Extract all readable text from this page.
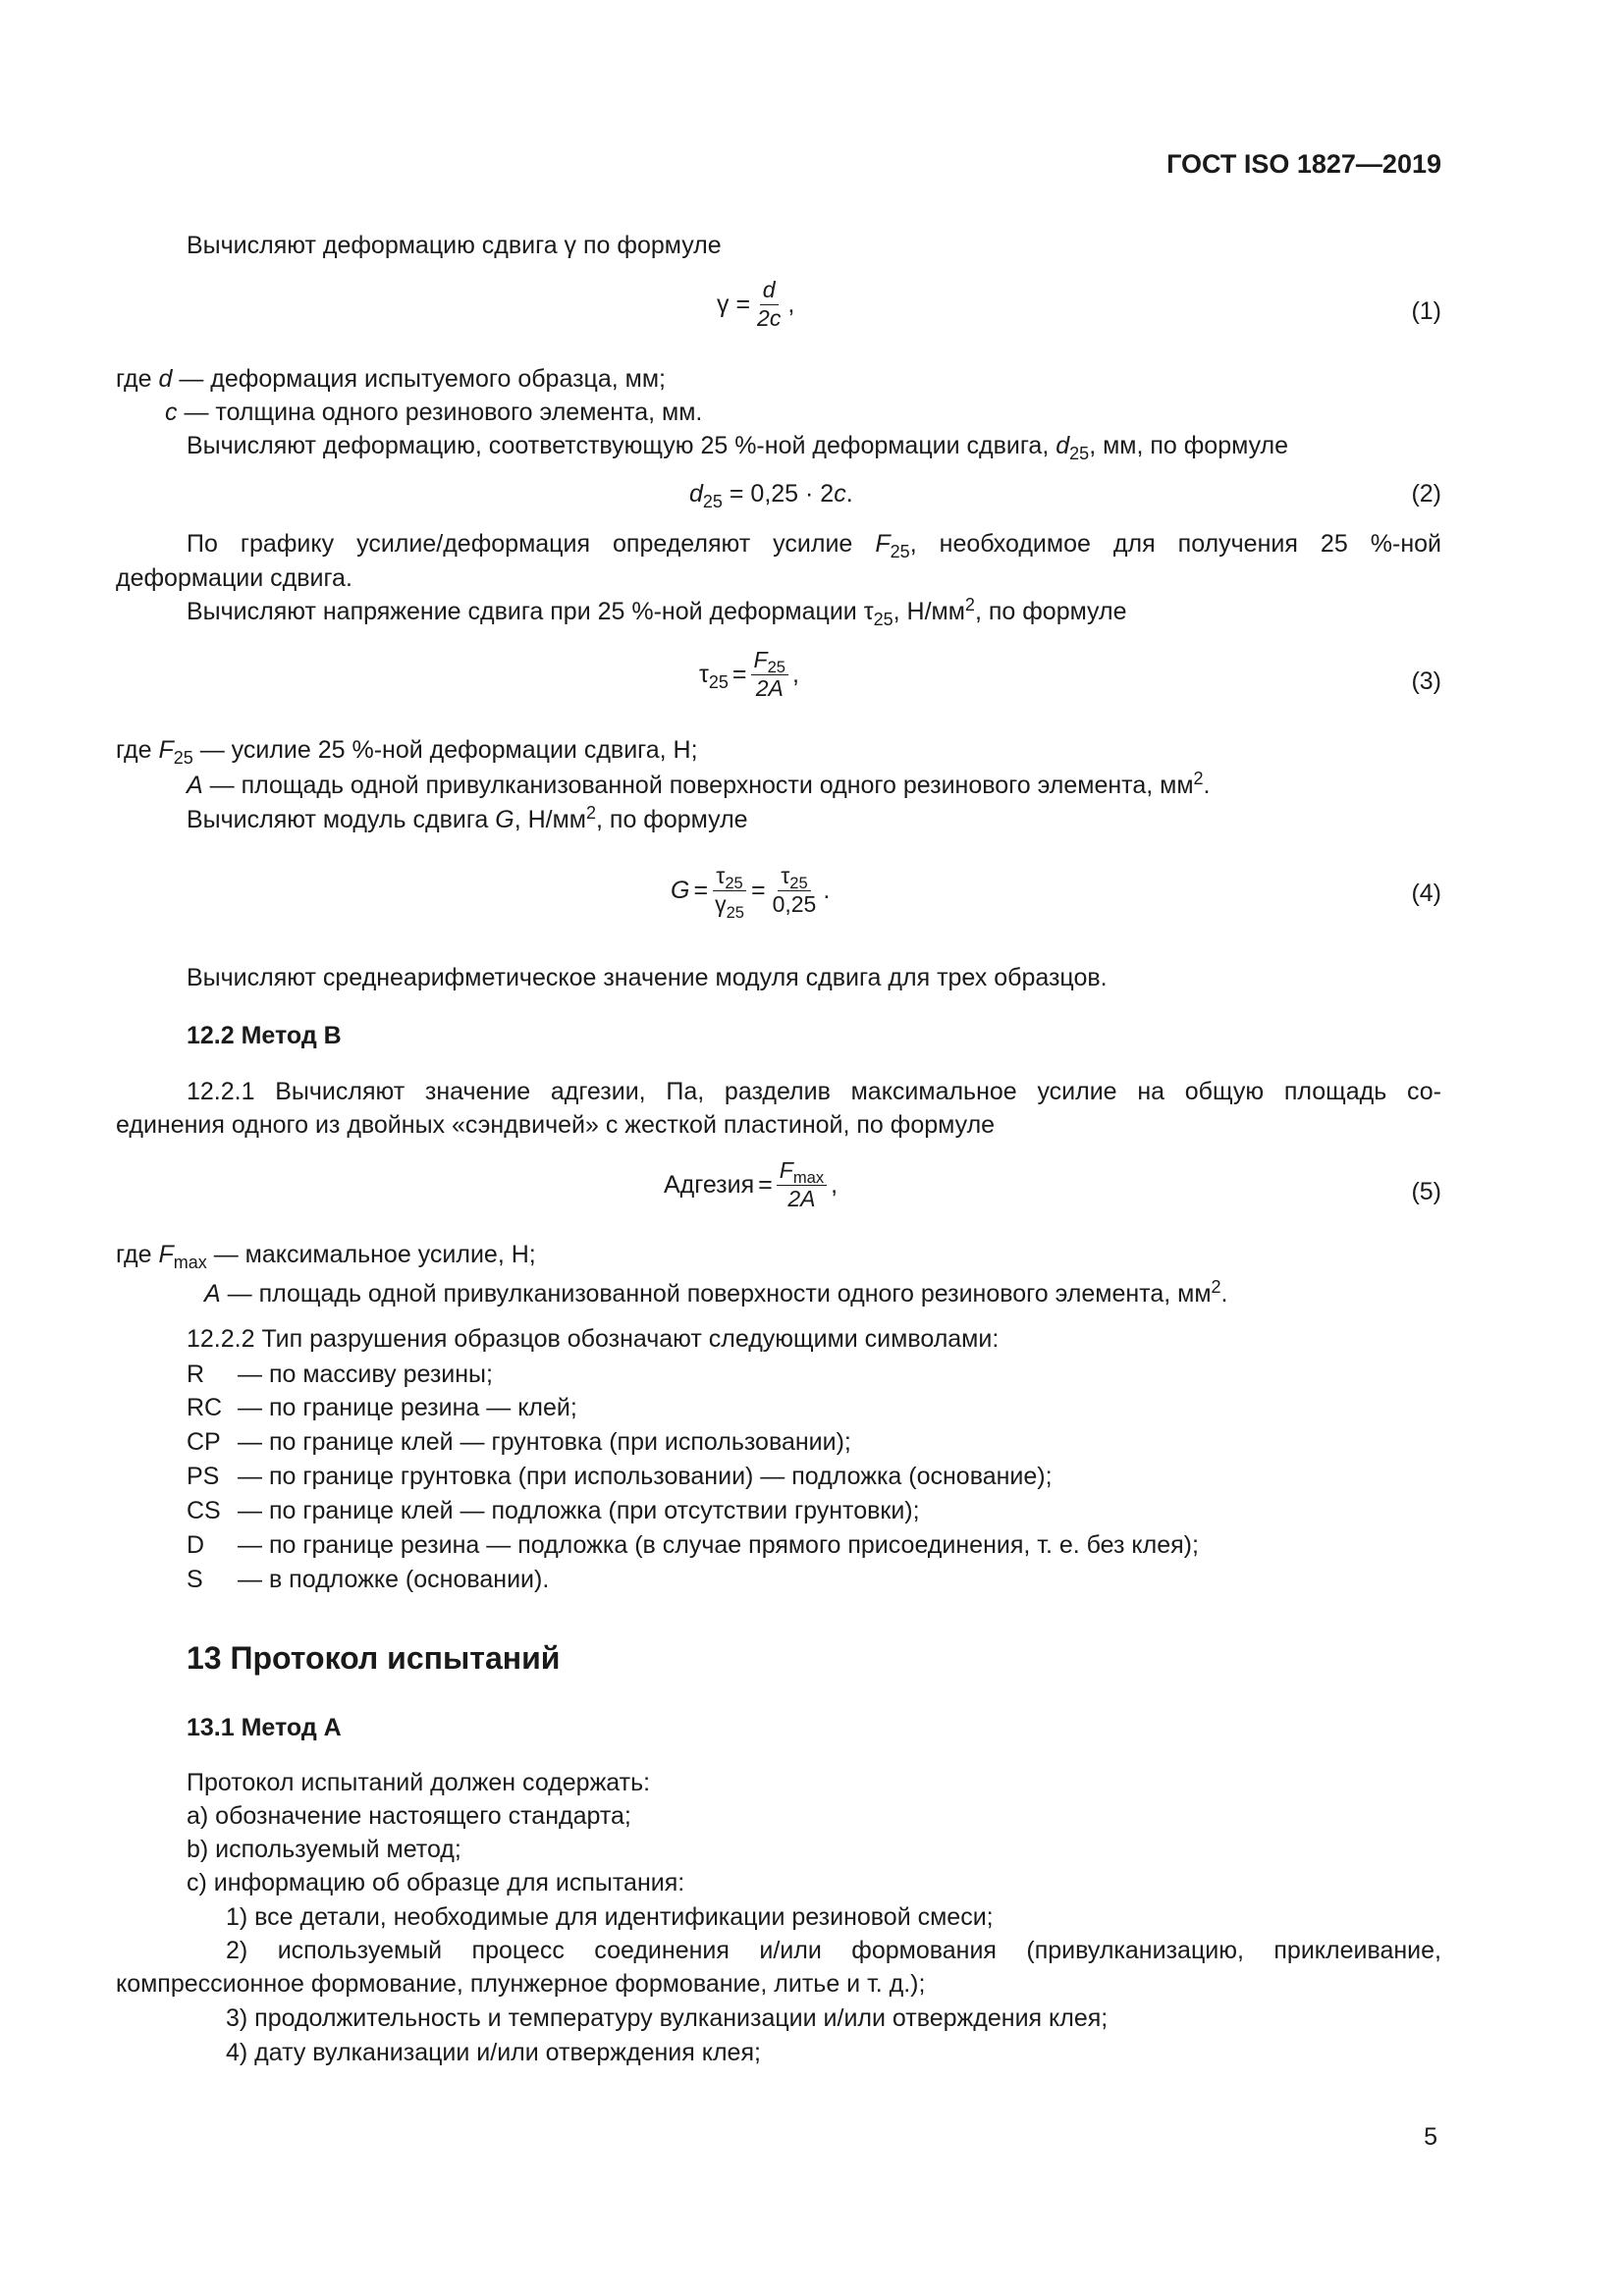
ГОСТ ISO 1827—2019
Вычисляют деформацию сдвига γ по формуле
$\gamma = \frac{d}{2c}$ ,	(1)
где d — деформация испытуемого образца, мм;
c — толщина одного резинового элемента, мм.
Вычисляют деформацию, соответствующую 25 %-ной деформации сдвига, $d_{25}$, мм, по формуле
$d_{25} = 0,25 \cdot 2c$.	(2)
По графику усилие/деформация определяют усилие $F_{25}$, необходимое для получения 25 %-ной
деформации сдвига.
Вычисляют напряжение сдвига при 25 %-ной деформации $\tau_{25}$, $Н/мм^2$, по формуле
$\tau_{25} = \frac{F_{25}}{2A}$ ,	(3)
где $F_{25}$ — усилие 25 %-ной деформации сдвига, Н;
A — площадь одной привулканизованной поверхности одного резинового элемента, $мм^2$.
Вычисляют модуль сдвига G, $Н/мм^2$, по формуле
$G = \frac{\tau_{25}}{\gamma_{25}} = \frac{\tau_{25}}{0,25}$ .	(4)
Вычисляют среднеарифметическое значение модуля сдвига для трех образцов.
12.2 Метод В
12.2.1 Вычисляют значение адгезии, Па, разделив максимальное усилие на общую площадь со-
единения одного из двойных «сэндвичей» с жесткой пластиной, по формуле
Адгезия = $\frac{F_{max}}{2A}$ ,	(5)
где $F_{max}$ — максимальное усилие, Н;
A — площадь одной привулканизованной поверхности одного резинового элемента, $мм^2$.
12.2.2 Тип разрушения образцов обозначают следующими символами:
R — по массиву резины;
RC — по границе резина — клей;
CP — по границе клей — грунтовка (при использовании);
PS — по границе грунтовка (при использовании) — подложка (основание);
CS — по границе клей — подложка (при отсутствии грунтовки);
D — по границе резина — подложка (в случае прямого присоединения, т. е. без клея);
S — в подложке (основании).
13 Протокол испытаний
13.1 Метод А
Протокол испытаний должен содержать:
a) обозначение настоящего стандарта;
b) используемый метод;
c) информацию об образце для испытания:
1) все детали, необходимые для идентификации резиновой смеси;
2) используемый процесс соединения и/или формования (привулканизацию, приклеивание,
компрессионное формование, плунжерное формование, литье и т. д.);
3) продолжительность и температуру вулканизации и/или отверждения клея;
4) дату вулканизации и/или отверждения клея;
5
